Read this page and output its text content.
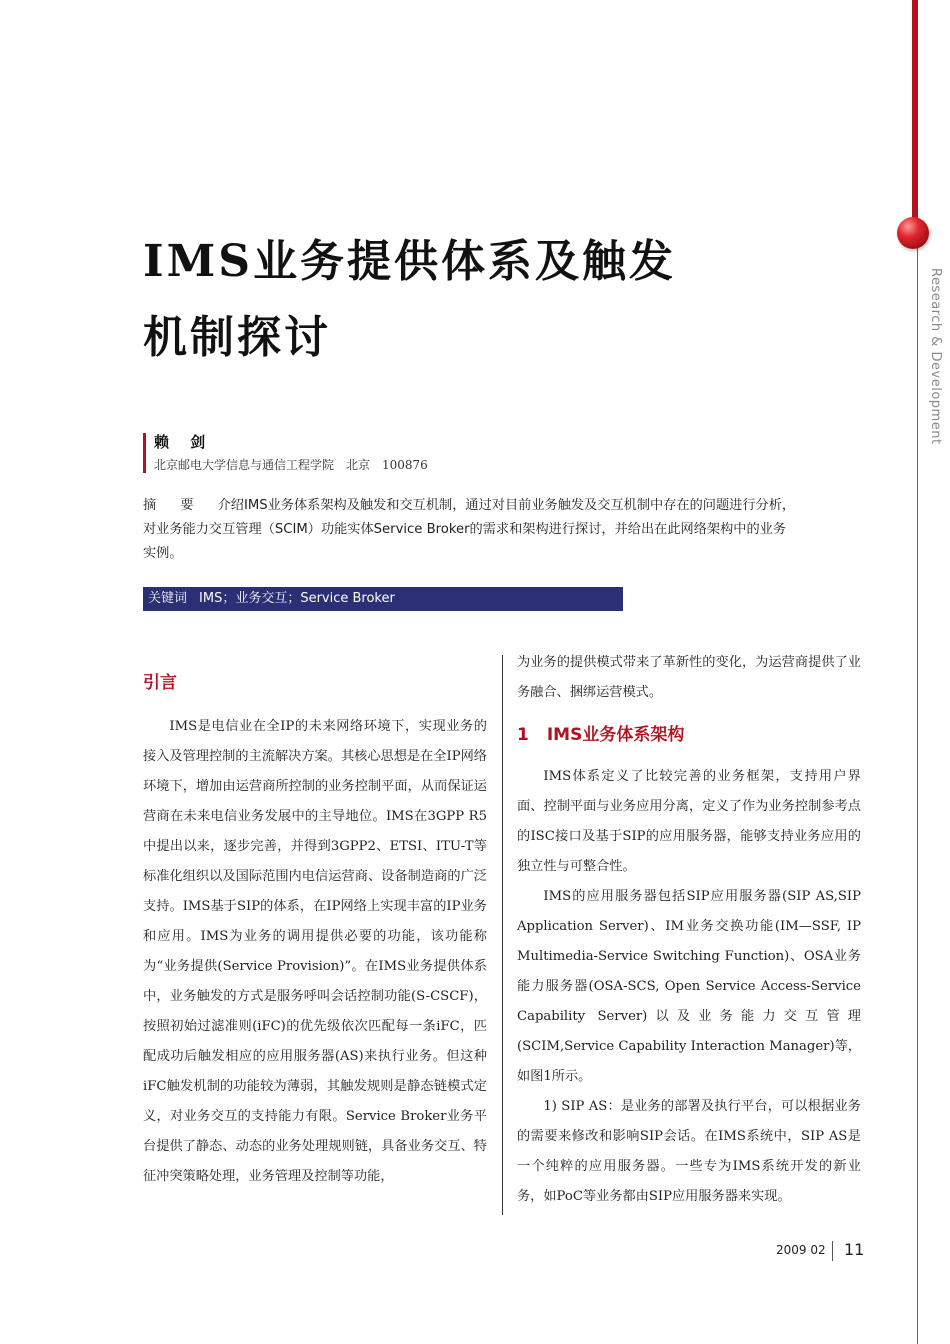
Research & Development
IMS业务提供体系及触发
机制探讨
赖 剑
北京邮电大学信息与通信工程学院　北京　100876

摘 要 介绍IMS业务体系架构及触发和交互机制，通过对目前业务触发及交互机制中存在的问题进行分析，对业务能力交互管理（SCIM）功能实体Service Broker的需求和架构进行探讨，并给出在此网络架构中的业务实例。

关键词 IMS；业务交互；Service Broker
引言

IMS是电信业在全IP的未来网络环境下，实现业务的接入及管理控制的主流解决方案。其核心思想是在全IP网络环境下，增加由运营商所控制的业务控制平面，从而保证运营商在未来电信业务发展中的主导地位。IMS在3GPP R5中提出以来，逐步完善，并得到3GPP2、ETSI、ITU-T等标准化组织以及国际范围内电信运营商、设备制造商的广泛支持。IMS基于SIP的体系，在IP网络上实现丰富的IP业务和应用。IMS为业务的调用提供必要的功能，该功能称为“业务提供(Service Provision)”。在IMS业务提供体系中，业务触发的方式是服务呼叫会话控制功能(S-CSCF)，按照初始过滤准则(iFC)的优先级依次匹配每一条iFC，匹配成功后触发相应的应用服务器(AS)来执行业务。但这种iFC触发机制的功能较为薄弱，其触发规则是静态链模式定义，对业务交互的支持能力有限。Service Broker业务平台提供了静态、动态的业务处理规则链，具备业务交互、特征冲突策略处理，业务管理及控制等功能，

为业务的提供模式带来了革新性的变化，为运营商提供了业务融合、捆绑运营模式。

1 IMS业务体系架构

IMS体系定义了比较完善的业务框架，支持用户界面、控制平面与业务应用分离，定义了作为业务控制参考点的ISC接口及基于SIP的应用服务器，能够支持业务应用的独立性与可整合性。

IMS的应用服务器包括SIP应用服务器(SIP AS,SIP Application Server)、IM业务交换功能(IM—SSF, IP Multimedia-Service Switching Function)、OSA业务能力服务器(OSA-SCS, Open Service Access-Service Capability Server)以及业务能力交互管理(SCIM,Service Capability Interaction Manager)等，如图1所示。

1) SIP AS：是业务的部署及执行平台，可以根据业务的需要来修改和影响SIP会话。在IMS系统中，SIP AS是一个纯粹的应用服务器。一些专为IMS系统开发的新业务，如PoC等业务都由SIP应用服务器来实现。

2009 02 11
